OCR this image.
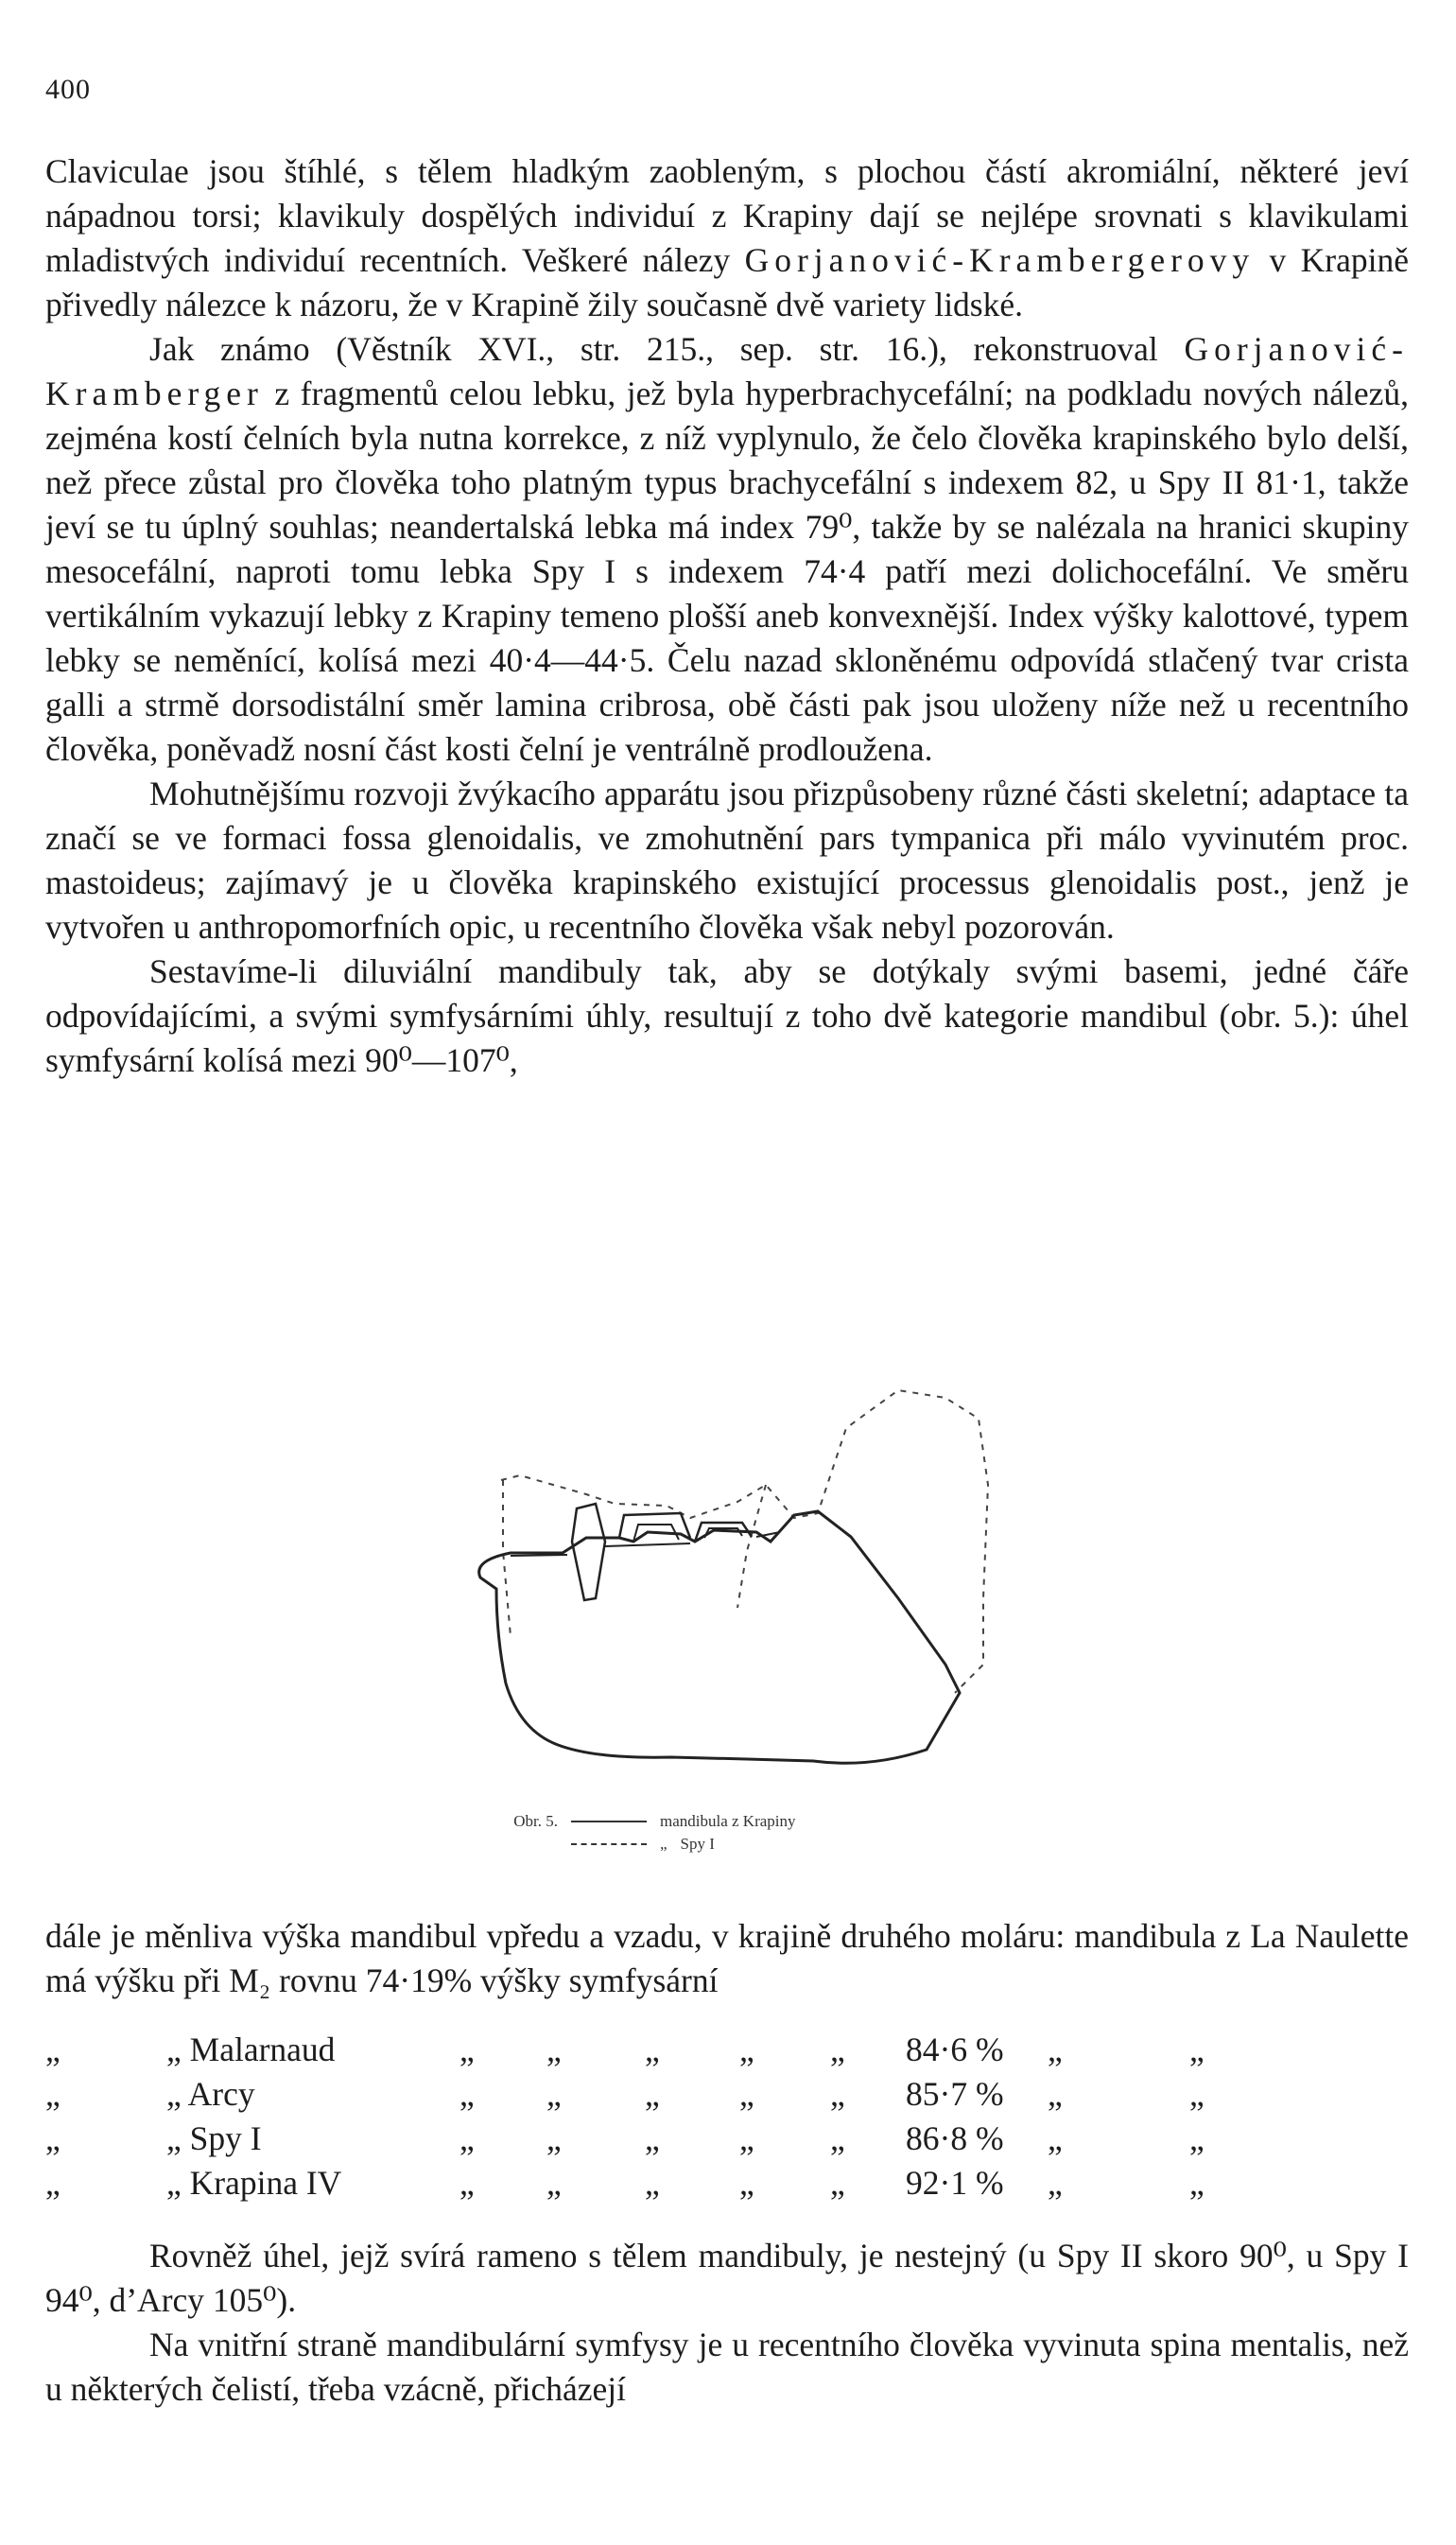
400

Claviculae jsou štíhlé, s tělem hladkým zaobleným, s plochou částí akromiální, některé jeví nápadnou torsi; klavikuly dospělých individuí z Krapiny dají se nejlépe srovnati s klavikulami mladistvých individuí recentních. Veškeré nálezy Gorjanović-Krambergerovy v Krapině přivedly nálezce k názoru, že v Krapině žily současně dvě variety lidské.

Jak známo (Věstník XVI., str. 215., sep. str. 16.), rekonstruoval Gorjanović-Kramberger z fragmentů celou lebku, jež byla hyperbrachycefální; na podkladu nových nálezů, zejména kostí čelních byla nutna korrekce, z níž vyplynulo, že čelo člověka krapinského bylo delší, než přece zůstal pro člověka toho platným typus brachycefální s indexem 82, u Spy II 81·1, takže jeví se tu úplný souhlas; neandertalská lebka má index 79⁰, takže by se nalézala na hranici skupiny mesocefální, naproti tomu lebka Spy I s indexem 74·4 patří mezi dolichocefální. Ve směru vertikálním vykazují lebky z Krapiny temeno plošší aneb konvexnější. Index výšky kalottové, typem lebky se neměnící, kolísá mezi 40·4—44·5. Čelu nazad skloněnému odpovídá stlačený tvar crista galli a strmě dorsodistální směr lamina cribrosa, obě části pak jsou uloženy níže než u recentního člověka, poněvadž nosní část kosti čelní je ventrálně prodloužena.

Mohutnějšímu rozvoji žvýkacího apparátu jsou přizpůsobeny různé části skeletní; adaptace ta značí se ve formaci fossa glenoidalis, ve zmohutnění pars tympanica při málo vyvinutém proc. mastoideus; zajímavý je u člověka krapinského existující processus glenoidalis post., jenž je vytvořen u anthropomorfních opic, u recentního člověka však nebyl pozorován.

Sestavíme-li diluviální mandibuly tak, aby se dotýkaly svými basemi, jedné čáře odpovídajícími, a svými symfysárními úhly, resultují z toho dvě kategorie mandibul (obr. 5.): úhel symfysární kolísá mezi 90⁰—107⁰,

Obr. 5.	mandibula z Krapiny
„ Spy I

dále je měnliva výška mandibul vpředu a vzadu, v krajině druhého moláru: mandibula z La Naulette má výšku při M₂ rovnu 74·19% výšky symfysární

„	„ Malarnaud	„	„	„	„	„	84·6 %	„	„
„	„ Arcy	„	„	„	„	„	85·7 %	„	„
„	„ Spy I	„	„	„	„	„	86·8 %	„	„
„	„ Krapina IV	„	„	„	„	„	92·1 %	„	„

Rovněž úhel, jejž svírá rameno s tělem mandibuly, je nestejný (u Spy II skoro 90⁰, u Spy I 94⁰, d’Arcy 105⁰).

Na vnitřní straně mandibulární symfysy je u recentního člověka vyvinuta spina mentalis, než u některých čelistí, třeba vzácně, přicházejí
